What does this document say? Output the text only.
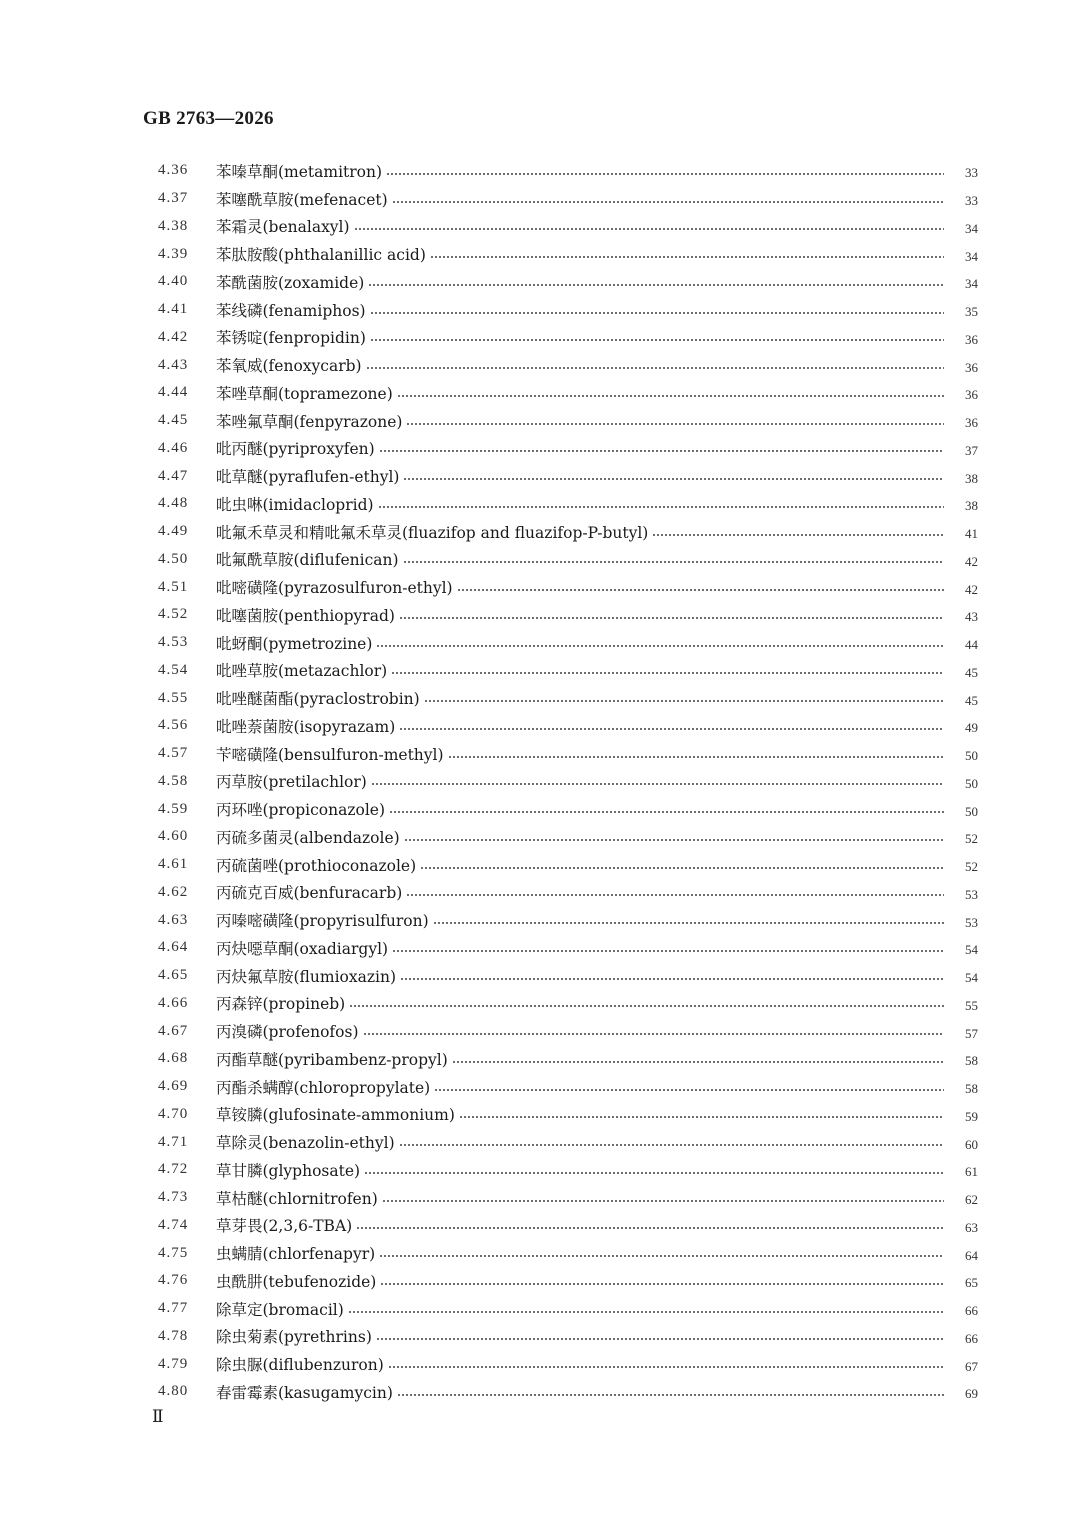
GB 2763—2026
4.36	苯嗪草酮(metamitron)	33
4.37	苯噻酰草胺(mefenacet)	33
4.38	苯霜灵(benalaxyl)	34
4.39	苯肽胺酸(phthalanillic acid)	34
4.40	苯酰菌胺(zoxamide)	34
4.41	苯线磷(fenamiphos)	35
4.42	苯锈啶(fenpropidin)	36
4.43	苯氧威(fenoxycarb)	36
4.44	苯唑草酮(topramezone)	36
4.45	苯唑氟草酮(fenpyrazone)	36
4.46	吡丙醚(pyriproxyfen)	37
4.47	吡草醚(pyraflufen-ethyl)	38
4.48	吡虫啉(imidacloprid)	38
4.49	吡氟禾草灵和精吡氟禾草灵(fluazifop and fluazifop-P-butyl)	41
4.50	吡氟酰草胺(diflufenican)	42
4.51	吡嘧磺隆(pyrazosulfuron-ethyl)	42
4.52	吡噻菌胺(penthiopyrad)	43
4.53	吡蚜酮(pymetrozine)	44
4.54	吡唑草胺(metazachlor)	45
4.55	吡唑醚菌酯(pyraclostrobin)	45
4.56	吡唑萘菌胺(isopyrazam)	49
4.57	苄嘧磺隆(bensulfuron-methyl)	50
4.58	丙草胺(pretilachlor)	50
4.59	丙环唑(propiconazole)	50
4.60	丙硫多菌灵(albendazole)	52
4.61	丙硫菌唑(prothioconazole)	52
4.62	丙硫克百威(benfuracarb)	53
4.63	丙嗪嘧磺隆(propyrisulfuron)	53
4.64	丙炔噁草酮(oxadiargyl)	54
4.65	丙炔氟草胺(flumioxazin)	54
4.66	丙森锌(propineb)	55
4.67	丙溴磷(profenofos)	57
4.68	丙酯草醚(pyribambenz-propyl)	58
4.69	丙酯杀螨醇(chloropropylate)	58
4.70	草铵膦(glufosinate-ammonium)	59
4.71	草除灵(benazolin-ethyl)	60
4.72	草甘膦(glyphosate)	61
4.73	草枯醚(chlornitrofen)	62
4.74	草芽畏(2,3,6-TBA)	63
4.75	虫螨腈(chlorfenapyr)	64
4.76	虫酰肼(tebufenozide)	65
4.77	除草定(bromacil)	66
4.78	除虫菊素(pyrethrins)	66
4.79	除虫脲(diflubenzuron)	67
4.80	春雷霉素(kasugamycin)	69
Ⅱ
